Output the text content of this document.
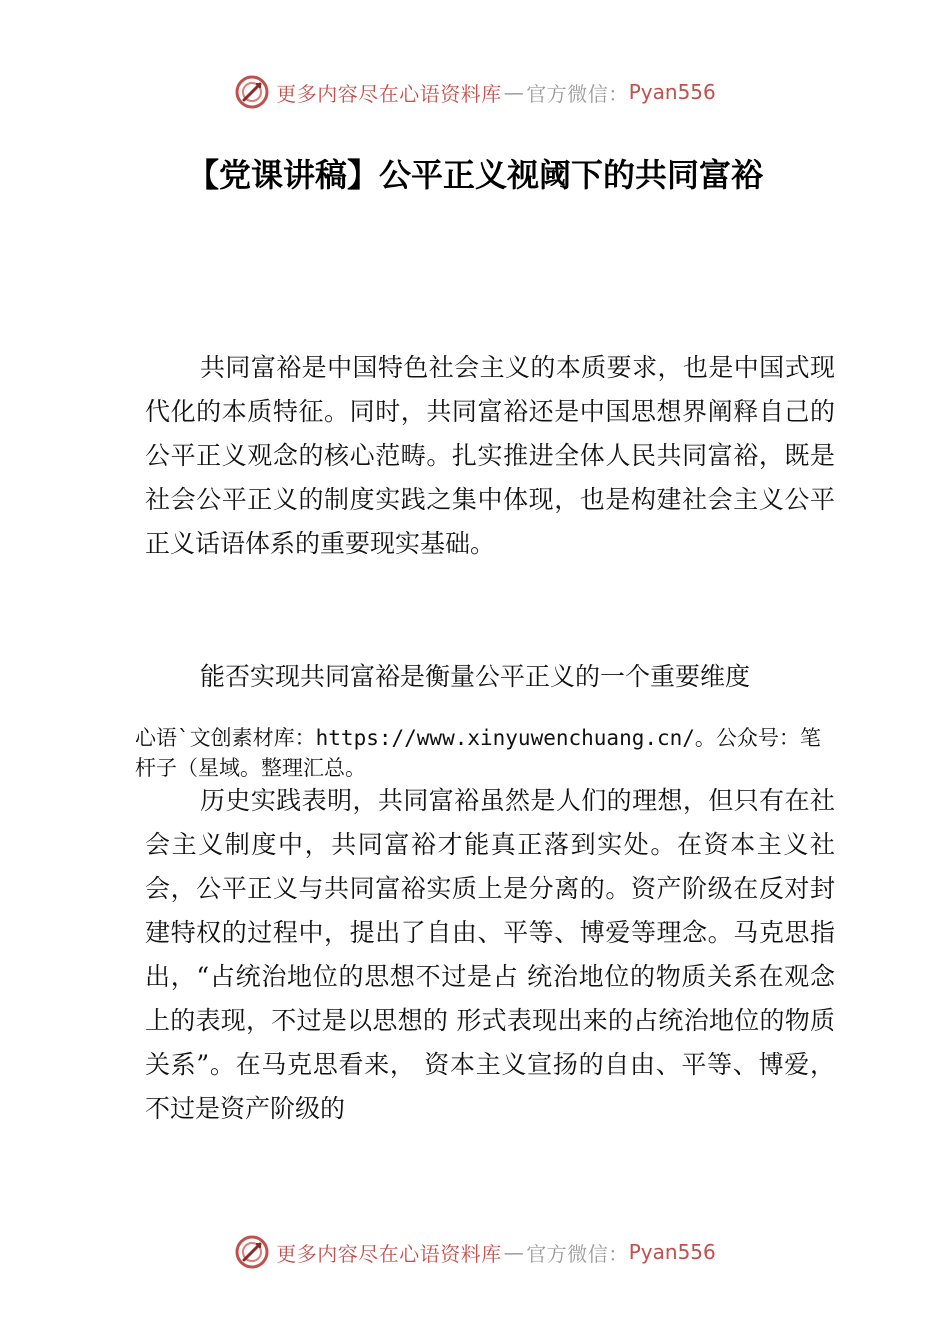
更多内容尽在心语资料库 — 官方微信： Pyan556
【党课讲稿】公平正义视阈下的共同富裕

共同富裕是中国特色社会主义的本质要求，也是中国式现代化的本质特征。同时，共同富裕还是中国思想界阐释自己的公平正义观念的核心范畴。扎实推进全体人民共同富裕，既是社会公平正义的制度实践之集中体现，也是构建社会主义公平正义话语体系的重要现实基础。

能否实现共同富裕是衡量公平正义的一个重要维度

心语`文创素材库：https://www.xinyuwenchuang.cn/。公众号：笔杆子（星域。整理汇总。

历史实践表明，共同富裕虽然是人们的理想，但只有在社会主义制度中，共同富裕才能真正落到实处。在资本主义社会，公平正义与共同富裕实质上是分离的。资产阶级在反对封建特权的过程中，提出了自由、平等、博爱等理念。马克思指出，“占统治地位的思想不过是占 统治地位的物质关系在观念上的表现，不过是以思想的 形式表现出来的占统治地位的物质关系”。在马克思看来， 资本主义宣扬的自由、平等、博爱，不过是资产阶级的

更多内容尽在心语资料库 — 官方微信： Pyan556
